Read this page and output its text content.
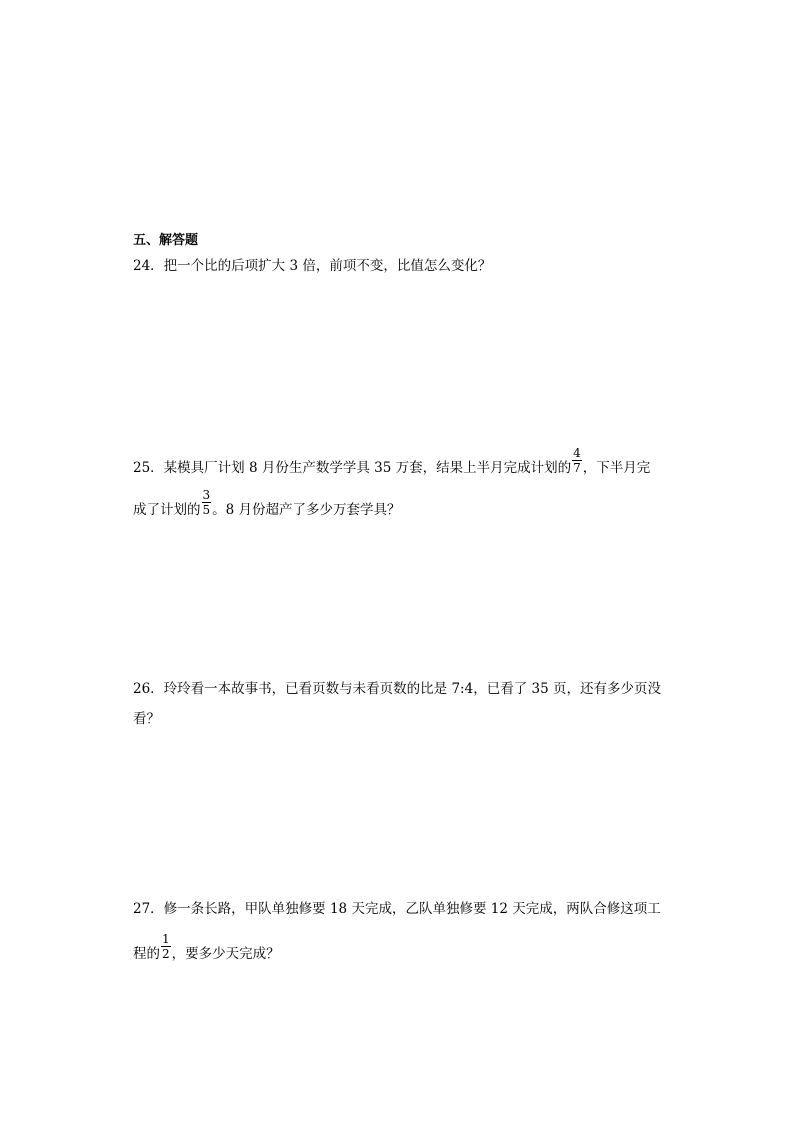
五、解答题
24．把一个比的后项扩大 3 倍，前项不变，比值怎么变化？
25．某模具厂计划 8 月份生产数学学具 35 万套，结果上半月完成计划的 $\frac{4}{7}$ ，下半月完
成了计划的 $\frac{3}{5}$ 。8 月份超产了多少万套学具？
26．玲玲看一本故事书，已看页数与未看页数的比是 7:4，已看了 35 页，还有多少页没
看？
27．修一条长路，甲队单独修要 18 天完成，乙队单独修要 12 天完成，两队合修这项工
程的 $\frac{1}{2}$ ，要多少天完成？
